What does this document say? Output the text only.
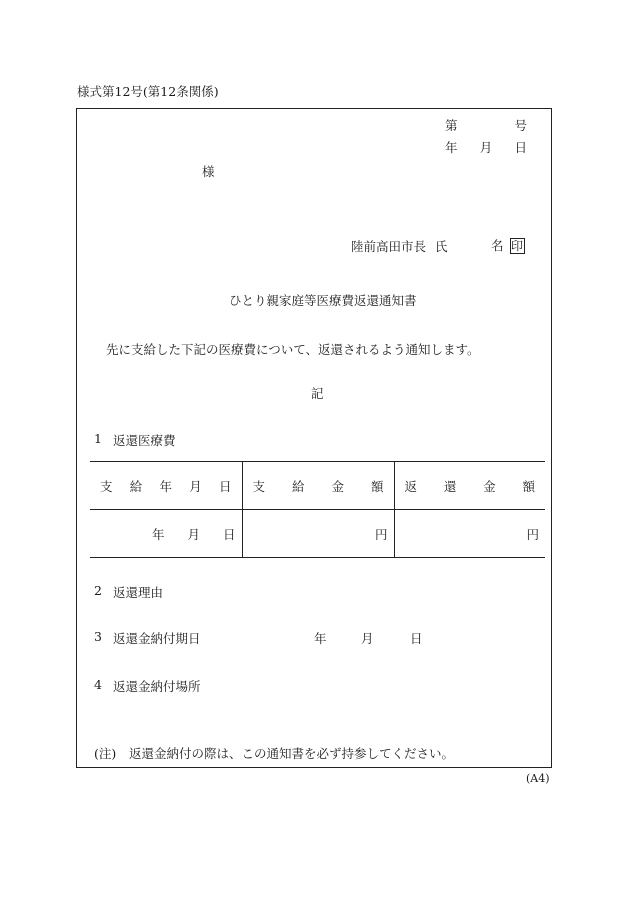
様式第12号(第12条関係)
第	号
年 月 日
様
陸前高田市長 氏	名 印
ひとり親家庭等医療費返還通知書
先に支給した下記の医療費について、返還されるよう通知します。
記
1 返還医療費
支 給 年 月 日	支 給 金 額	返 還 金 額

年 月 日	円	円
2 返還理由
3 返還金納付期日	年	月	日
4 返還金納付場所
(注) 返還金納付の際は、この通知書を必ず持参してください。
(A4)
